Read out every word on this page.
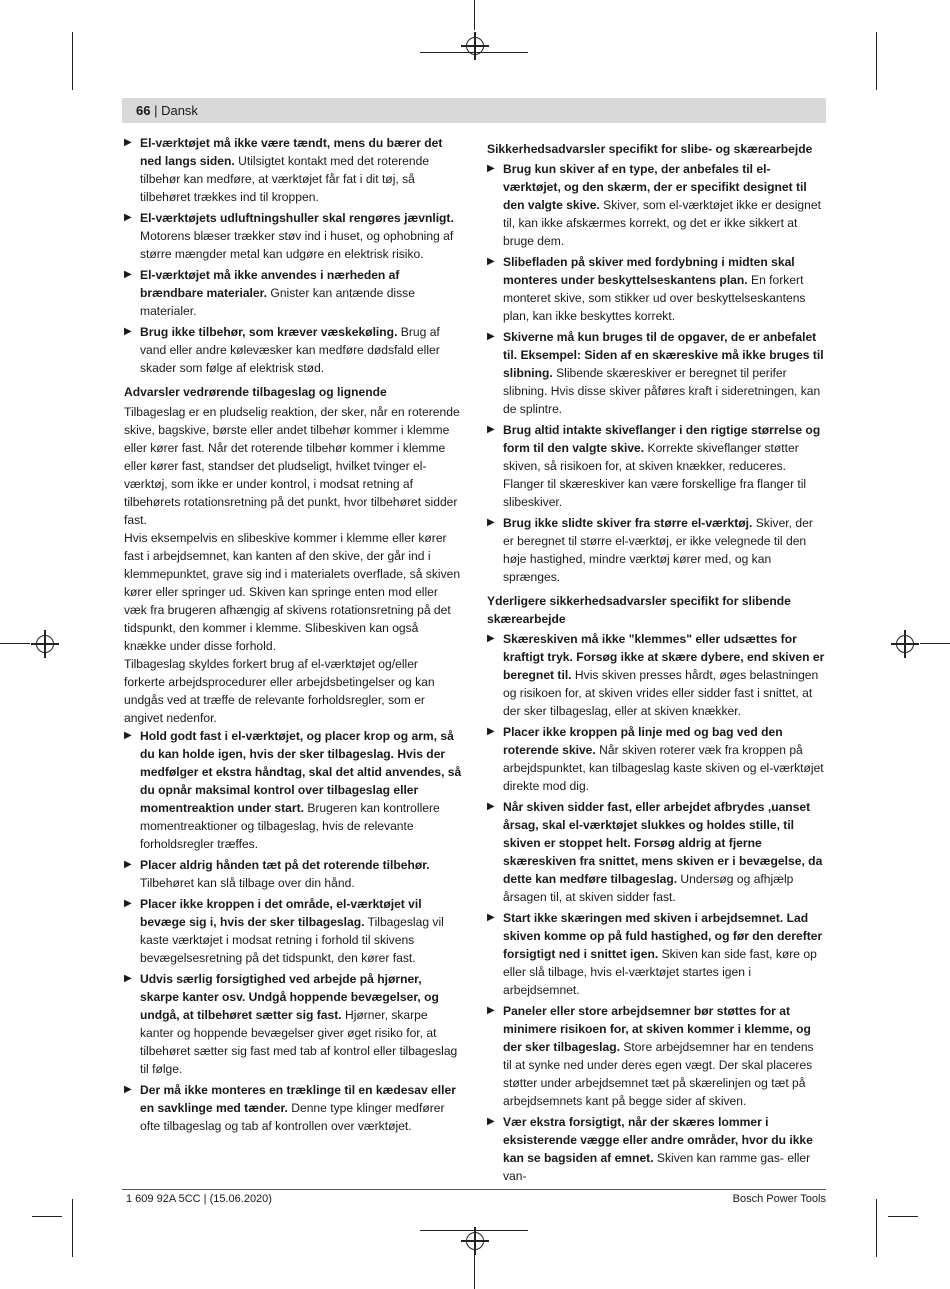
66 | Dansk
▶ El-værktøjet må ikke være tændt, mens du bærer det ned langs siden. Utilsigtet kontakt med det roterende tilbehør kan medføre, at værktøjet får fat i dit tøj, så tilbehøret trækkes ind til kroppen.
▶ El-værktøjets udluftningshuller skal rengøres jævnligt. Motorens blæser trækker støv ind i huset, og ophobning af større mængder metal kan udgøre en elektrisk risiko.
▶ El-værktøjet må ikke anvendes i nærheden af brændbare materialer. Gnister kan antænde disse materialer.
▶ Brug ikke tilbehør, som kræver væskekøling. Brug af vand eller andre kølevæsker kan medføre dødsfald eller skader som følge af elektrisk stød.
Advarsler vedrørende tilbageslag og lignende
Tilbageslag er en pludselig reaktion, der sker, når en roterende skive, bagskive, børste eller andet tilbehør kommer i klemme eller kører fast. Når det roterende tilbehør kommer i klemme eller kører fast, standser det pludseligt, hvilket tvinger el-værktøj, som ikke er under kontrol, i modsat retning af tilbehørets rotationsretning på det punkt, hvor tilbehøret sidder fast.
Hvis eksempelvis en slibeskive kommer i klemme eller kører fast i arbejdsemnet, kan kanten af den skive, der går ind i klemmepunktet, grave sig ind i materialets overflade, så skiven kører eller springer ud. Skiven kan springe enten mod eller væk fra brugeren afhængig af skivens rotationsretning på det tidspunkt, den kommer i klemme. Slibeskiven kan også knække under disse forhold.
Tilbageslag skyldes forkert brug af el-værktøjet og/eller forkerte arbejdsprocedurer eller arbejdsbetingelser og kan undgås ved at træffe de relevante forholdsregler, som er angivet nedenfor.
▶ Hold godt fast i el-værktøjet, og placer krop og arm, så du kan holde igen, hvis der sker tilbageslag. Hvis der medfølger et ekstra håndtag, skal det altid anvendes, så du opnår maksimal kontrol over tilbageslag eller momentreaktion under start. Brugeren kan kontrollere momentreaktioner og tilbageslag, hvis de relevante forholdsregler træffes.
▶ Placer aldrig hånden tæt på det roterende tilbehør. Tilbehøret kan slå tilbage over din hånd.
▶ Placer ikke kroppen i det område, el-værktøjet vil bevæge sig i, hvis der sker tilbageslag. Tilbageslag vil kaste værktøjet i modsat retning i forhold til skivens bevægelsesretning på det tidspunkt, den kører fast.
▶ Udvis særlig forsigtighed ved arbejde på hjørner, skarpe kanter osv. Undgå hoppende bevægelser, og undgå, at tilbehøret sætter sig fast. Hjørner, skarpe kanter og hoppende bevægelser giver øget risiko for, at tilbehøret sætter sig fast med tab af kontrol eller tilbageslag til følge.
▶ Der må ikke monteres en træklinge til en kædesav eller en savklinge med tænder. Denne type klinger medfører ofte tilbageslag og tab af kontrollen over værktøjet.
Sikkerhedsadvarsler specifikt for slibe- og skærearbejde
▶ Brug kun skiver af en type, der anbefales til el-værktøjet, og den skærm, der er specifikt designet til den valgte skive. Skiver, som el-værktøjet ikke er designet til, kan ikke afskærmes korrekt, og det er ikke sikkert at bruge dem.
▶ Slibefladen på skiver med fordybning i midten skal monteres under beskyttelseskantens plan. En forkert monteret skive, som stikker ud over beskyttelseskantens plan, kan ikke beskyttes korrekt.
▶ Skiverne må kun bruges til de opgaver, de er anbefalet til. Eksempel: Siden af en skæreskive må ikke bruges til slibning. Slibende skæreskiver er beregnet til perifer slibning. Hvis disse skiver påføres kraft i sideretningen, kan de splintre.
▶ Brug altid intakte skiveflanger i den rigtige størrelse og form til den valgte skive. Korrekte skiveflanger støtter skiven, så risikoen for, at skiven knækker, reduceres. Flanger til skæreskiver kan være forskellige fra flanger til slibeskiver.
▶ Brug ikke slidte skiver fra større el-værktøj. Skiver, der er beregnet til større el-værktøj, er ikke velegnede til den høje hastighed, mindre værktøj kører med, og kan sprænges.
Yderligere sikkerhedsadvarsler specifikt for slibende skærearbejde
▶ Skæreskiven må ikke "klemmes" eller udsættes for kraftigt tryk. Forsøg ikke at skære dybere, end skiven er beregnet til. Hvis skiven presses hårdt, øges belastningen og risikoen for, at skiven vrides eller sidder fast i snittet, at der sker tilbageslag, eller at skiven knækker.
▶ Placer ikke kroppen på linje med og bag ved den roterende skive. Når skiven roterer væk fra kroppen på arbejdspunktet, kan tilbageslag kaste skiven og el-værktøjet direkte mod dig.
▶ Når skiven sidder fast, eller arbejdet afbrydes ,uanset årsag, skal el-værktøjet slukkes og holdes stille, til skiven er stoppet helt. Forsøg aldrig at fjerne skæreskiven fra snittet, mens skiven er i bevægelse, da dette kan medføre tilbageslag. Undersøg og afhjælp årsagen til, at skiven sidder fast.
▶ Start ikke skæringen med skiven i arbejdsemnet. Lad skiven komme op på fuld hastighed, og før den derefter forsigtigt ned i snittet igen. Skiven kan side fast, køre op eller slå tilbage, hvis el-værktøjet startes igen i arbejdsemnet.
▶ Paneler eller store arbejdsemner bør støttes for at minimere risikoen for, at skiven kommer i klemme, og der sker tilbageslag. Store arbejdsemner har en tendens til at synke ned under deres egen vægt. Der skal placeres støtter under arbejdsemnet tæt på skærelinjen og tæt på arbejdsemnets kant på begge sider af skiven.
▶ Vær ekstra forsigtigt, når der skæres lommer i eksisterende vægge eller andre områder, hvor du ikke kan se bagsiden af emnet. Skiven kan ramme gas- eller van-
1 609 92A 5CC | (15.06.2020)	Bosch Power Tools
